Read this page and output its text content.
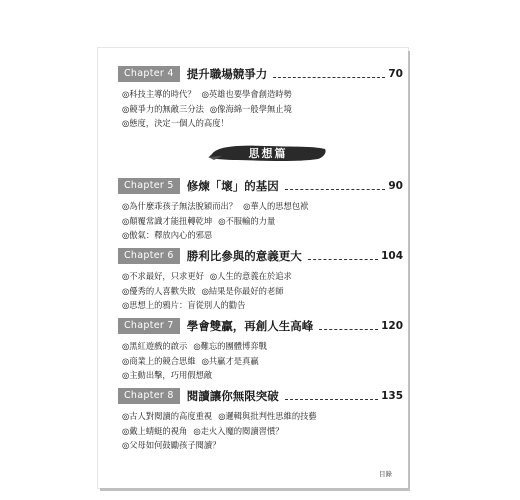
Chapter 4	提升職場競爭力	70
◎科技主導的時代？ ◎英雄也要學會創造時勢
◎競爭力的無敵三分法 ◎像海綿一般學無止境
◎態度，決定一個人的高度！
思想篇
Chapter 5	修煉「壞」的基因	90
◎為什麼乖孩子無法脫穎而出？ ◎華人的思想包袱
◎顛覆常識才能扭轉乾坤 ◎不服輸的力量
◎傲氣：釋放內心的邪惡
Chapter 6	勝利比參與的意義更大	104
◎不求最好，只求更好 ◎人生的意義在於追求
◎優秀的人喜歡失敗 ◎結果是你最好的老師
◎思想上的鴉片：盲從別人的勸告
Chapter 7	學會雙贏，再創人生高峰	120
◎黑紅遊戲的啟示 ◎難忘的團體博弈戰
◎商業上的競合思維 ◎共贏才是真贏
◎主動出擊，巧用假想敵
Chapter 8	閱讀讓你無限突破	135
◎古人對閱讀的高度重視 ◎邏輯與批判性思維的技藝
◎戴上蜻蜓的視角 ◎走火入魔的閱讀習慣？
◎父母如何鼓勵孩子閱讀？
目錄
